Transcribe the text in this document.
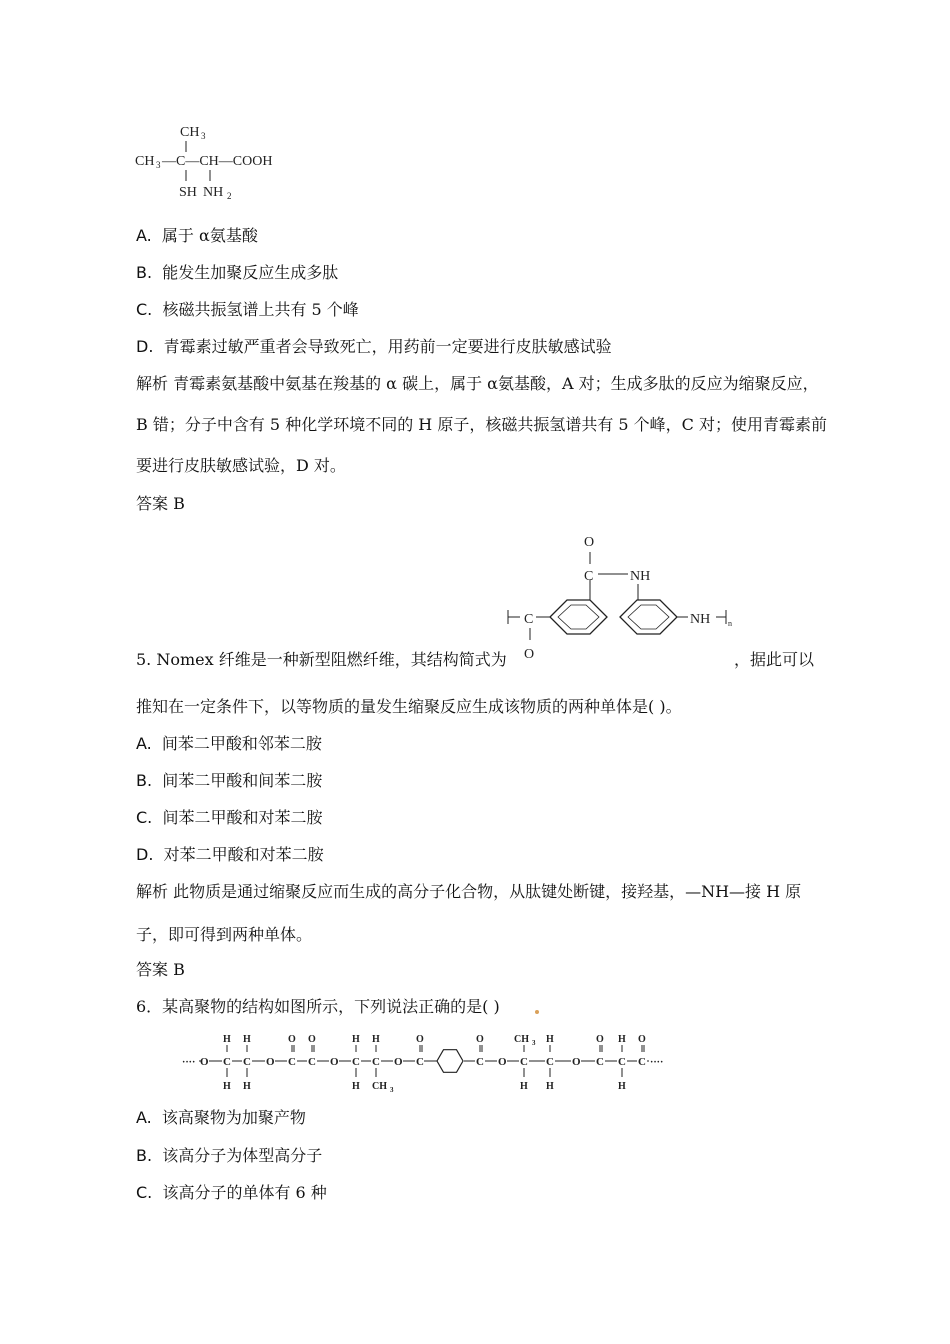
CH 3
CH 3 —C—CH—COOH
SH NH 2
A. 属于 α氨基酸
B. 能发生加聚反应生成多肽
C. 核磁共振氢谱上共有 5 个峰
D. 青霉素过敏严重者会导致死亡，用药前一定要进行皮肤敏感试验
解析 青霉素氨基酸中氨基在羧基的 α 碳上，属于 α氨基酸，A 对；生成多肽的反应为缩聚反应，
B 错；分子中含有 5 种化学环境不同的 H 原子，核磁共振氢谱共有 5 个峰，C 对；使用青霉素前
要进行皮肤敏感试验，D 对。
答案 B
C
O
C
O
NH
NH n
5. Nomex 纤维是一种新型阻燃纤维，其结构简式为	，据此可以
推知在一定条件下，以等物质的量发生缩聚反应生成该物质的两种单体是( )。
A. 间苯二甲酸和邻苯二胺
B. 间苯二甲酸和间苯二胺
C. 间苯二甲酸和对苯二胺
D. 对苯二甲酸和对苯二胺
解析 此物质是通过缩聚反应而生成的高分子化合物，从肽键处断键，接羟基，—NH—接 H 原
子，即可得到两种单体。
答案 B
6．某高聚物的结构如图所示，下列说法正确的是( )
···· O C
H
H
C
H
H
O C
O
C
O
O C
H
H
C
H
CH 3
O C
O
C
O
O C
CH 3
H
C
H
H
O C
O
C
H
H
C
O
····
A. 该高聚物为加聚产物
B. 该高分子为体型高分子
C. 该高分子的单体有 6 种
